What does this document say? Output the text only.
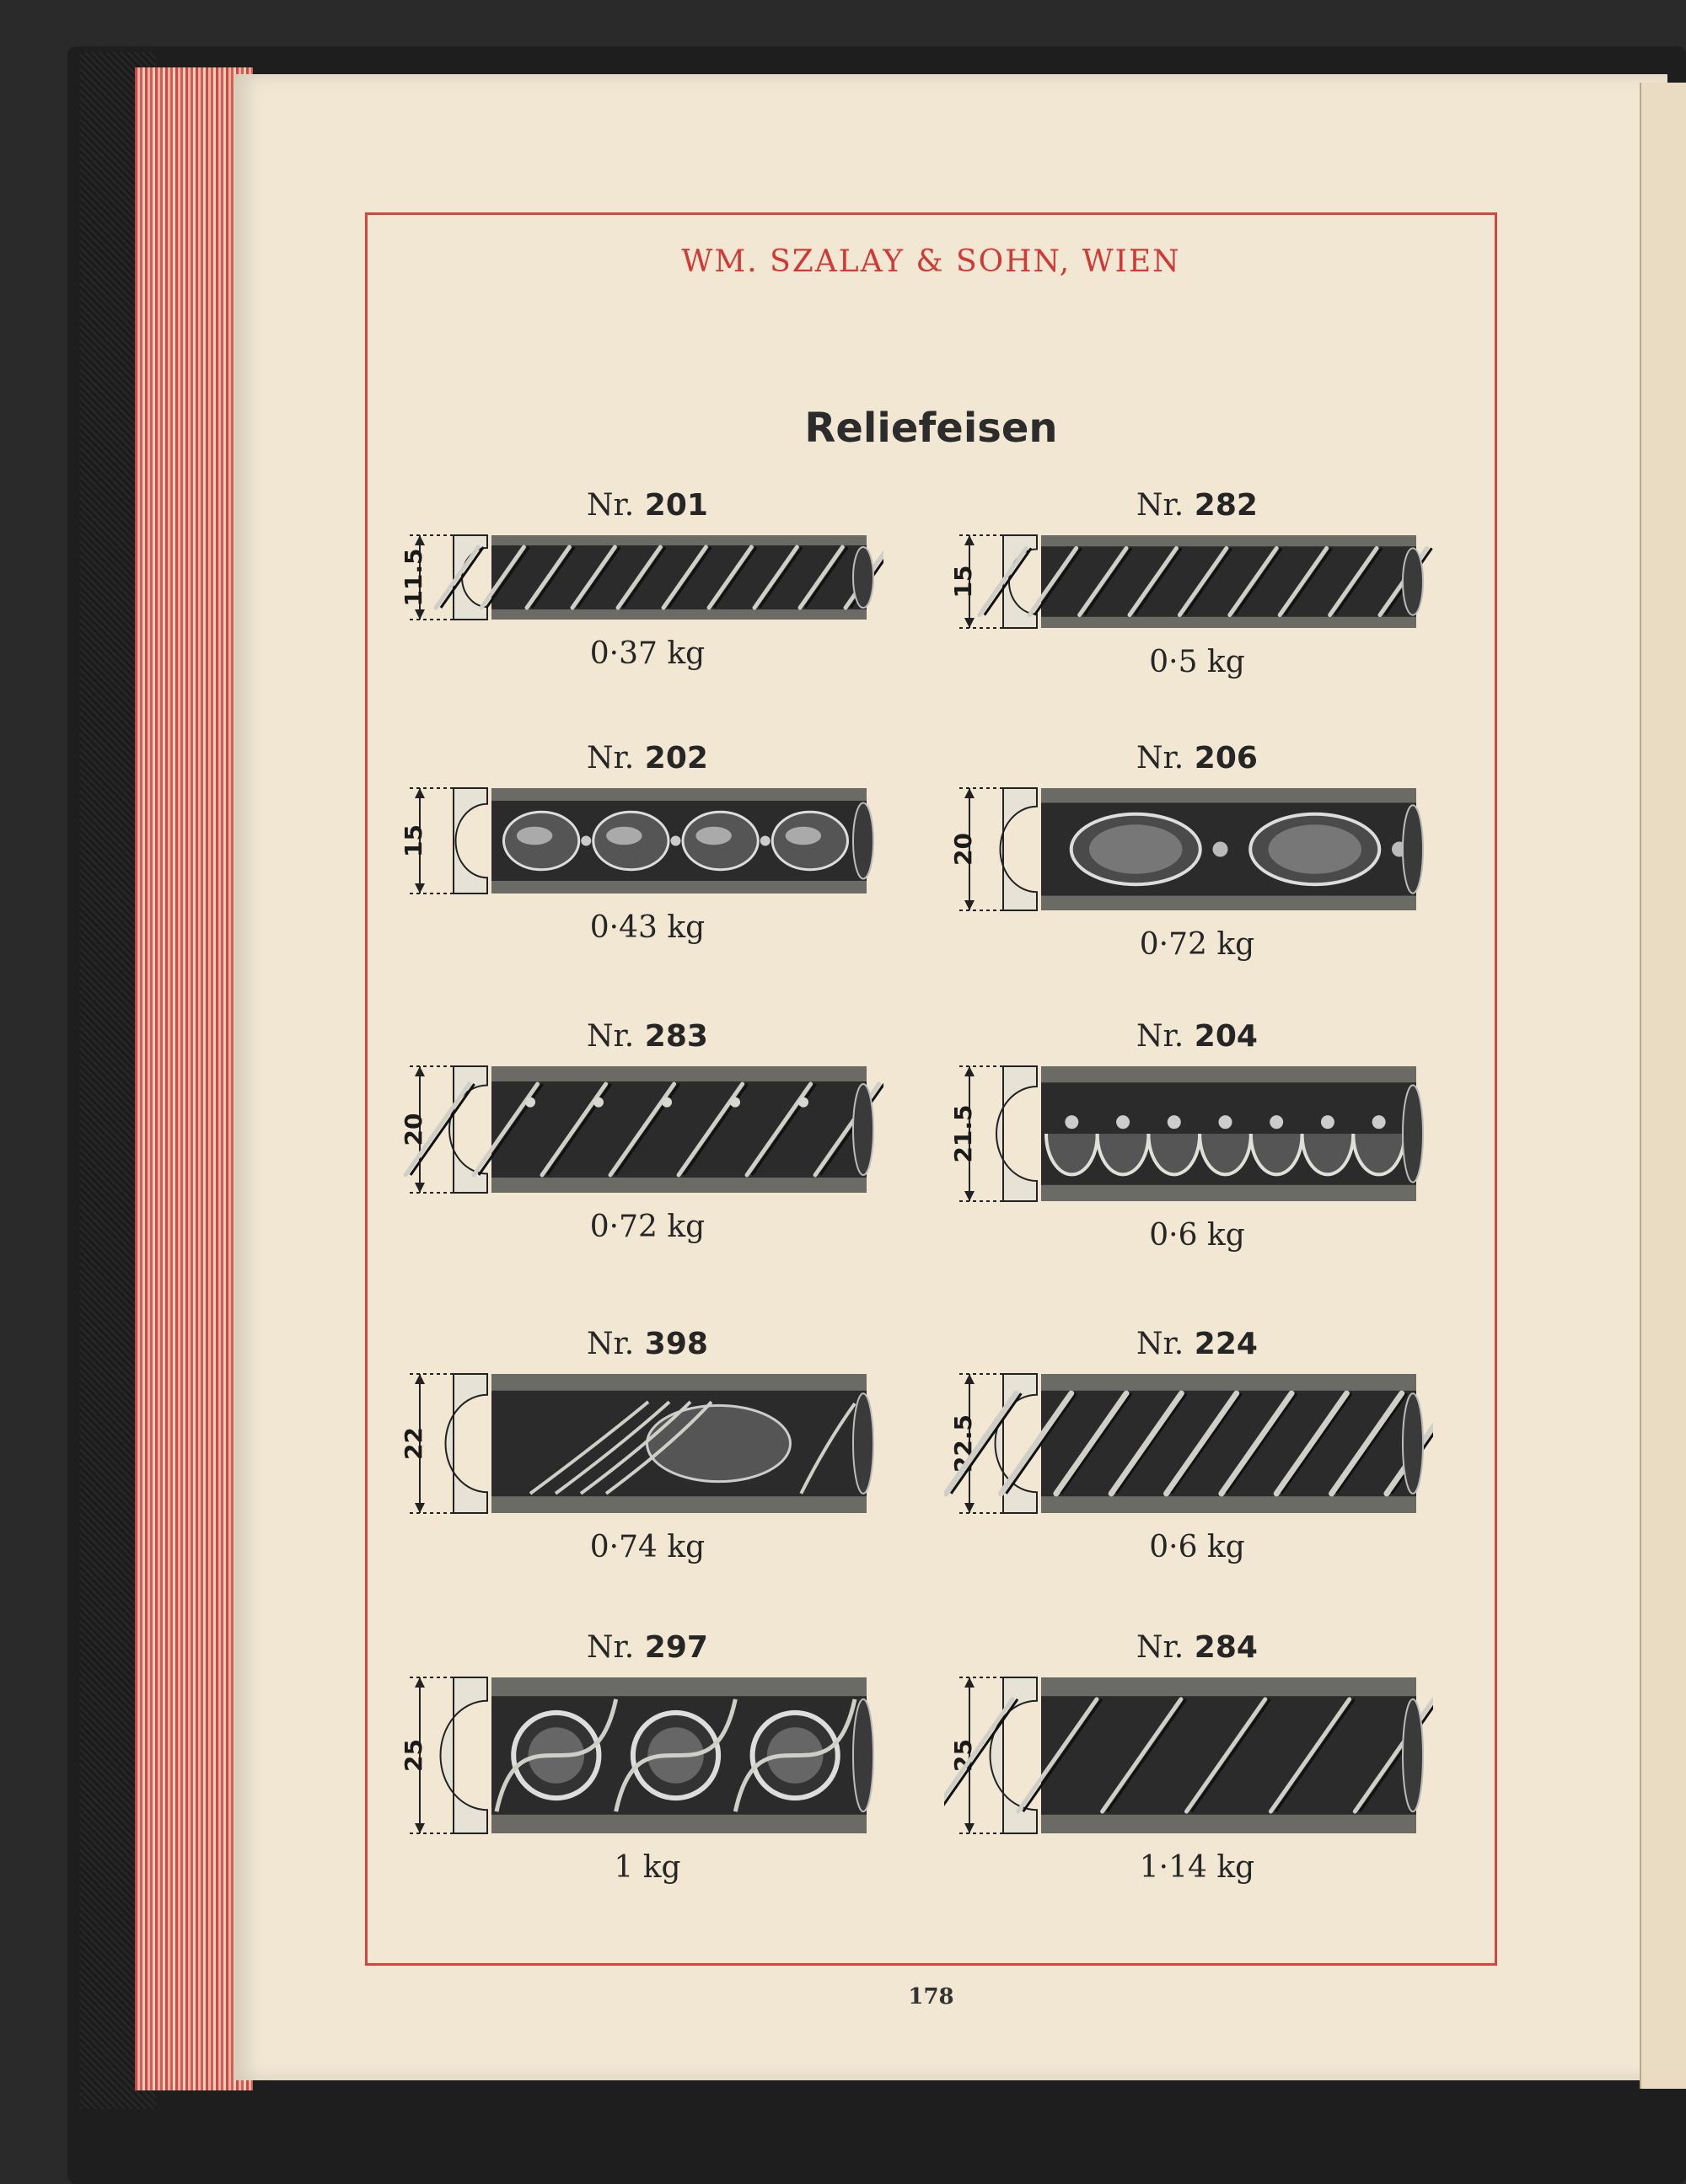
WM. SZALAY & SOHN, WIEN
Reliefeisen
Nr. 201
11.5
0·37 kg
Nr. 282
15
0·5 kg
Nr. 202
15
0·43 kg
Nr. 206
20
0·72 kg
Nr. 283
20
0·72 kg
Nr. 204
21.5
0·6 kg
Nr. 398
22
0·74 kg
Nr. 224
22.5
0·6 kg
Nr. 297
25
1 kg
Nr. 284
25
1·14 kg
178
